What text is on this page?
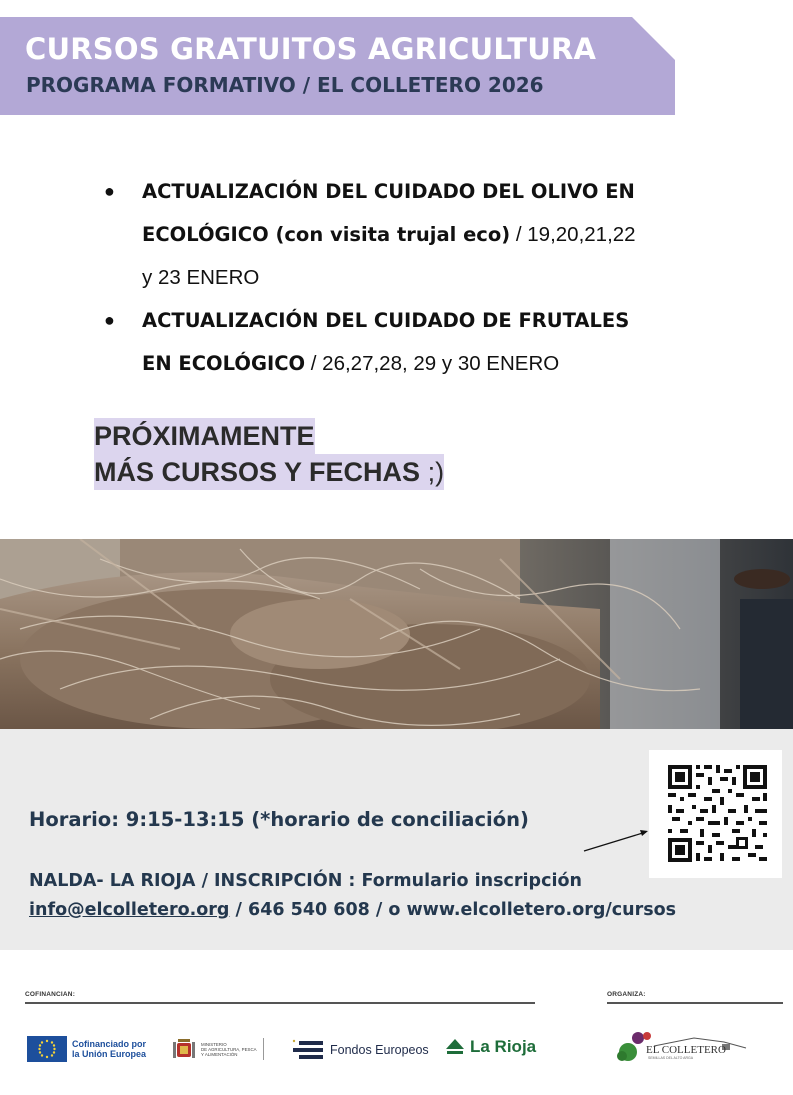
CURSOS GRATUITOS AGRICULTURA
PROGRAMA FORMATIVO / EL COLLETERO 2026
● ACTUALIZACIÓN DEL CUIDADO DEL OLIVO EN
ECOLÓGICO (con visita trujal eco) / 19,20,21,22
y 23 ENERO
● ACTUALIZACIÓN DEL CUIDADO DE FRUTALES
EN ECOLÓGICO / 26,27,28, 29 y 30 ENERO
PRÓXIMAMENTE
MÁS CURSOS Y FECHAS ;)
Horario: 9:15-13:15 (*horario de conciliación)
NALDA- LA RIOJA / INSCRIPCIÓN : Formulario inscripción
info@elcolletero.org / 646 540 608 / o www.elcolletero.org/cursos
COFINANCIAN:	ORGANIZA:
Cofinanciado por
la Unión Europea
MINISTERIO
DE AGRICULTURA, PESCA
Y ALIMENTACIÓN	Fondos Europeos La Rioja	EL COLLETERO
SEMILLAS DEL ALTO ARGA
